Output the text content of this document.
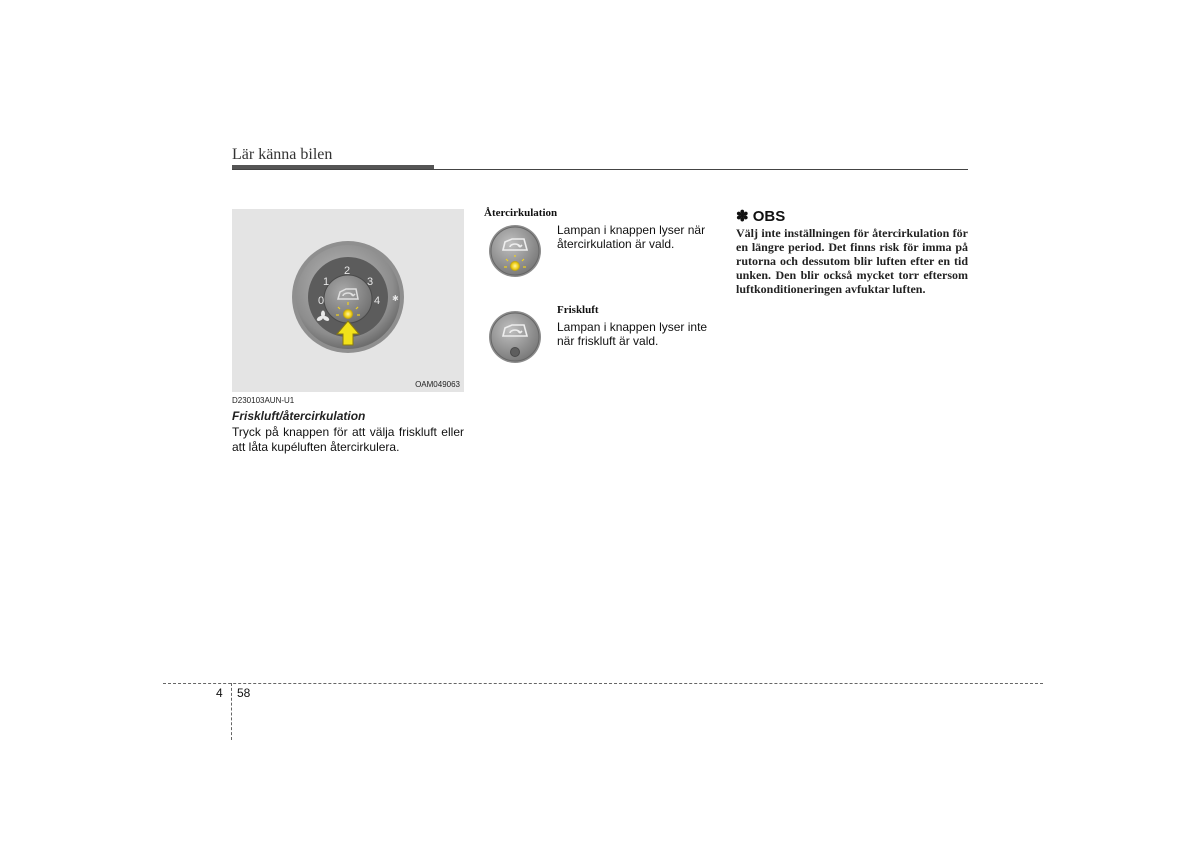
Lär känna bilen
0
1
2
3
4 ✱
OAM049063
D230103AUN-U1
Friskluft/återcirkulation
Tryck på knappen för att välja friskluft eller att låta kupéluften återcirkulera.
Återcirkulation
Lampan i knappen lyser när
återcirkulation är vald.
Friskluft
Lampan i knappen lyser inte
när friskluft är vald.
✽ OBS
Välj inte inställningen för återcirkulation för en längre period. Det finns risk för imma på rutorna och dessutom blir luften efter en tid unken. Den blir också mycket torr eftersom luftkonditioneringen avfuktar luften.
4 58
